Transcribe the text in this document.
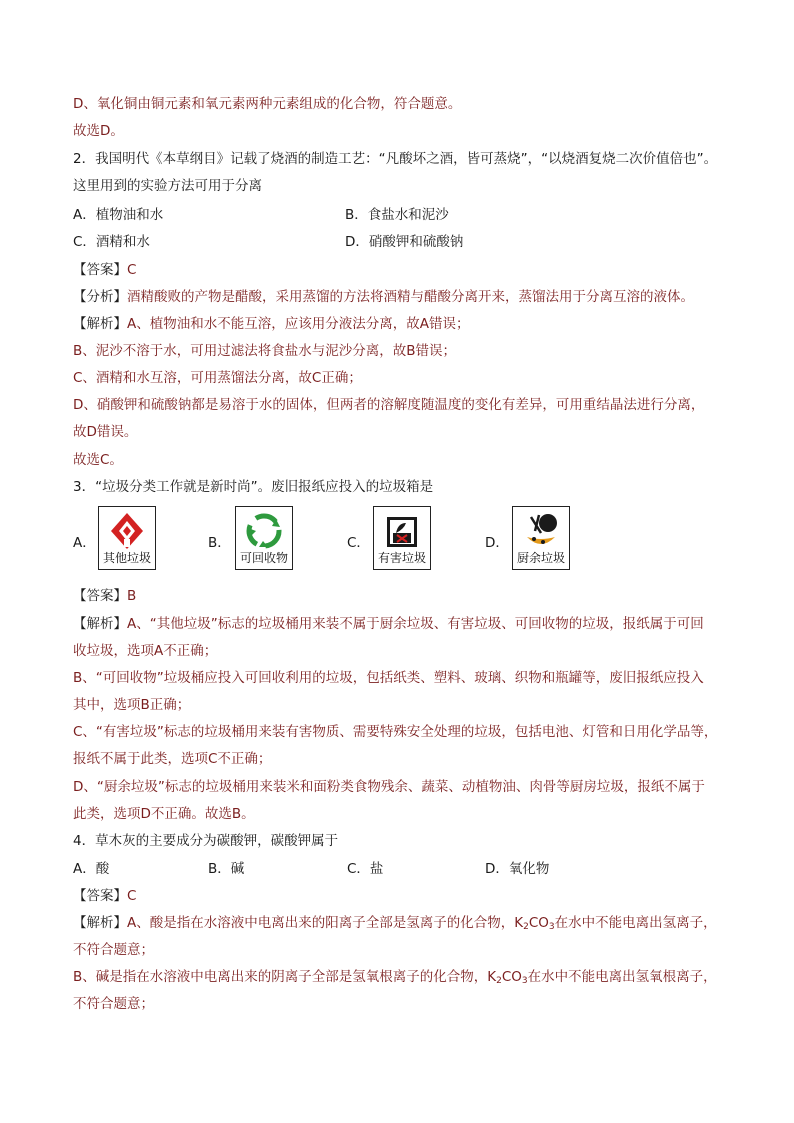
D、氧化铜由铜元素和氧元素两种元素组成的化合物，符合题意。
故选D。
2．我国明代《本草纲目》记载了烧酒的制造工艺：“凡酸坏之酒，皆可蒸烧”，“以烧酒复烧二次价值倍也”。
这里用到的实验方法可用于分离
A．植物油和水	B．食盐水和泥沙
C．酒精和水	D．硝酸钾和硫酸钠
【答案】C
【分析】酒精酸败的产物是醋酸，采用蒸馏的方法将酒精与醋酸分离开来，蒸馏法用于分离互溶的液体。
【解析】A、植物油和水不能互溶，应该用分液法分离，故A错误；
B、泥沙不溶于水，可用过滤法将食盐水与泥沙分离，故B错误；
C、酒精和水互溶，可用蒸馏法分离，故C正确；
D、硝酸钾和硫酸钠都是易溶于水的固体，但两者的溶解度随温度的变化有差异，可用重结晶法进行分离，
故D错误。
故选C。
3．“垃圾分类工作就是新时尚”。废旧报纸应投入的垃圾箱是
A．
其他垃圾
B．
可回收物
C．
有害垃圾
D．
厨余垃圾
【答案】B
【解析】A、“其他垃圾”标志的垃圾桶用来装不属于厨余垃圾、有害垃圾、可回收物的垃圾，报纸属于可回
收垃圾，选项A不正确；
B、“可回收物”垃圾桶应投入可回收利用的垃圾，包括纸类、塑料、玻璃、织物和瓶罐等，废旧报纸应投入
其中，选项B正确；
C、“有害垃圾”标志的垃圾桶用来装有害物质、需要特殊安全处理的垃圾，包括电池、灯管和日用化学品等，
报纸不属于此类，选项C不正确；
D、“厨余垃圾”标志的垃圾桶用来装米和面粉类食物残余、蔬菜、动植物油、肉骨等厨房垃圾，报纸不属于
此类，选项D不正确。故选B。
4．草木灰的主要成分为碳酸钾，碳酸钾属于
A．酸	B．碱	C．盐	D．氧化物
【答案】C
【解析】A、酸是指在水溶液中电离出来的阳离子全部是氢离子的化合物，$K_2CO_3$在水中不能电离出氢离子，
不符合题意；
B、碱是指在水溶液中电离出来的阴离子全部是氢氧根离子的化合物，$K_2CO_3$在水中不能电离出氢氧根离子，
不符合题意；
